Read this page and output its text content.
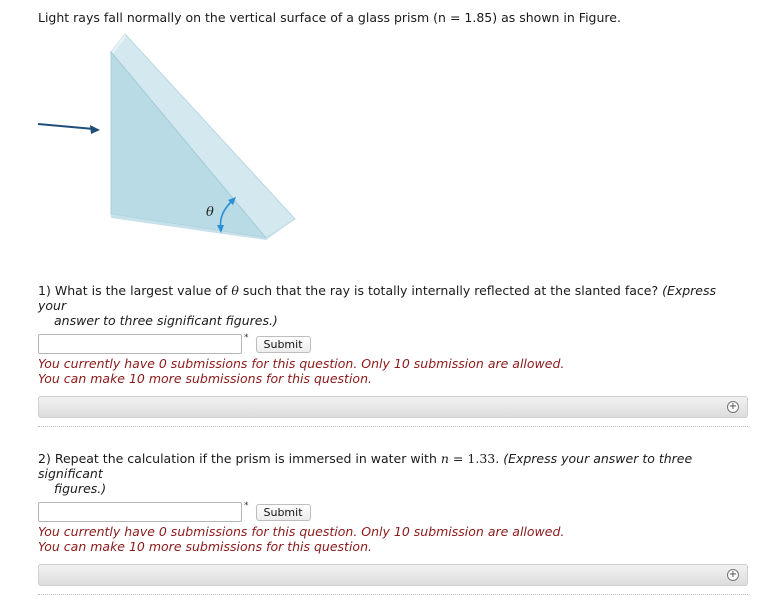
Light rays fall normally on the vertical surface of a glass prism (n = 1.85) as shown in Figure.
θ
1) What is the largest value of θ such that the ray is totally internally reflected at the slanted face? (Express your
answer to three significant figures.)
*	Submit
You currently have 0 submissions for this question. Only 10 submission are allowed.
You can make 10 more submissions for this question.
+
2) Repeat the calculation if the prism is immersed in water with n = 1.33. (Express your answer to three significant
figures.)
*	Submit
You currently have 0 submissions for this question. Only 10 submission are allowed.
You can make 10 more submissions for this question.
+
